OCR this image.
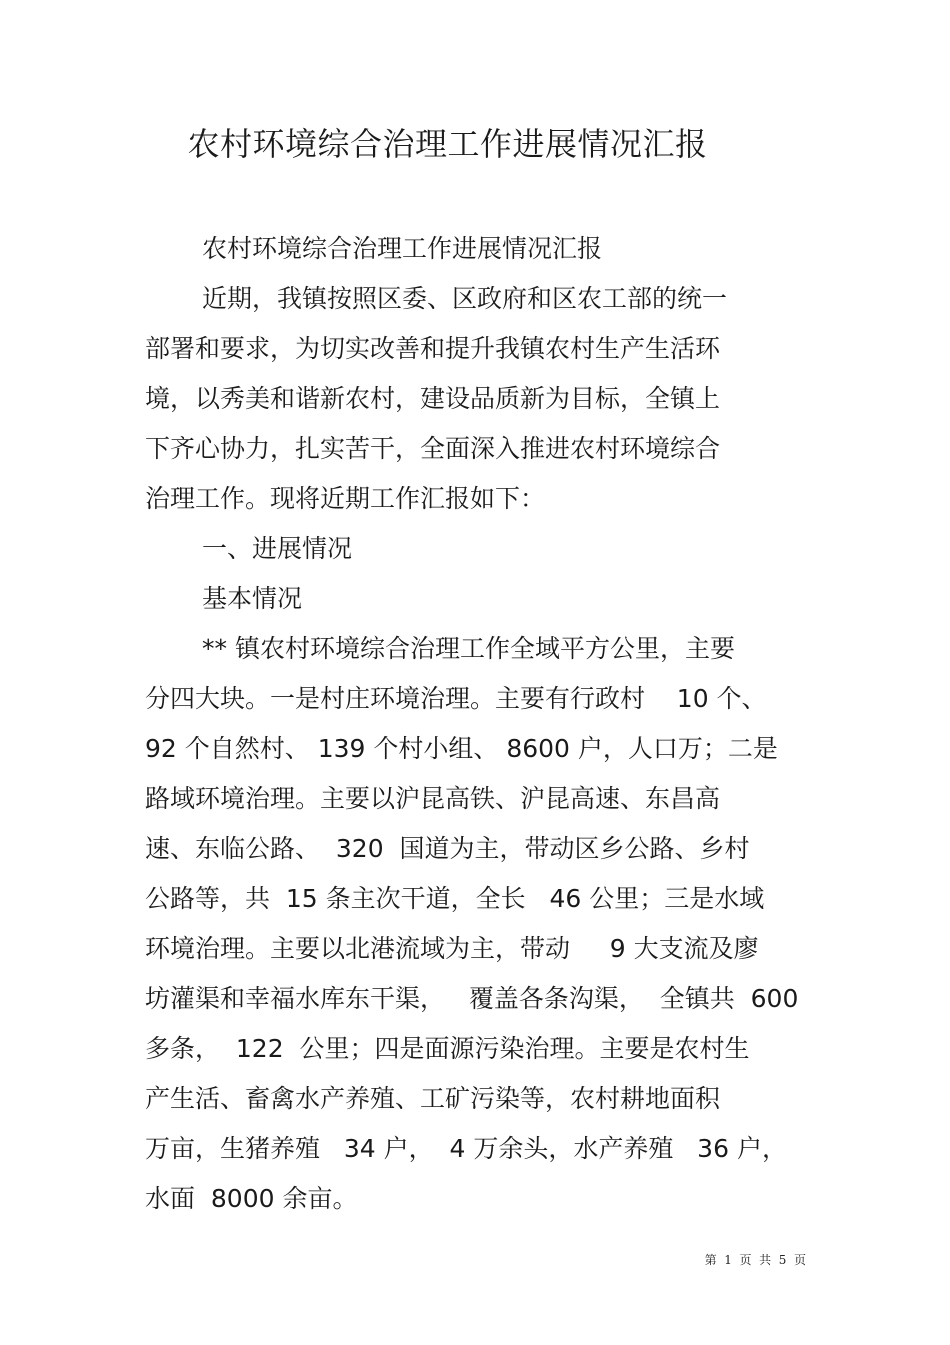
农村环境综合治理工作进展情况汇报
农村环境综合治理工作进展情况汇报
近期，我镇按照区委、区政府和区农工部的统一
部署和要求，为切实改善和提升我镇农村生产生活环
境，以秀美和谐新农村，建设品质新为目标，全镇上
下齐心协力，扎实苦干，全面深入推进农村环境综合
治理工作。现将近期工作汇报如下：
一、进展情况
基本情况
** 镇农村环境综合治理工作全域平方公里，主要
分四大块。一是村庄环境治理。主要有行政村    10 个、
92 个自然村、 139 个村小组、 8600 户，人口万；二是
路域环境治理。主要以沪昆高铁、沪昆高速、东昌高
速、东临公路、  320  国道为主，带动区乡公路、乡村
公路等，共  15 条主次干道，全长   46 公里；三是水域
环境治理。主要以北港流域为主，带动     9 大支流及廖
坊灌渠和幸福水库东干渠，   覆盖各条沟渠，  全镇共  600
多条，  122  公里；四是面源污染治理。主要是农村生
产生活、畜禽水产养殖、工矿污染等，农村耕地面积
万亩，生猪养殖   34 户，  4 万余头，水产养殖   36 户，
水面  8000 余亩。
第  1  页  共  5  页
